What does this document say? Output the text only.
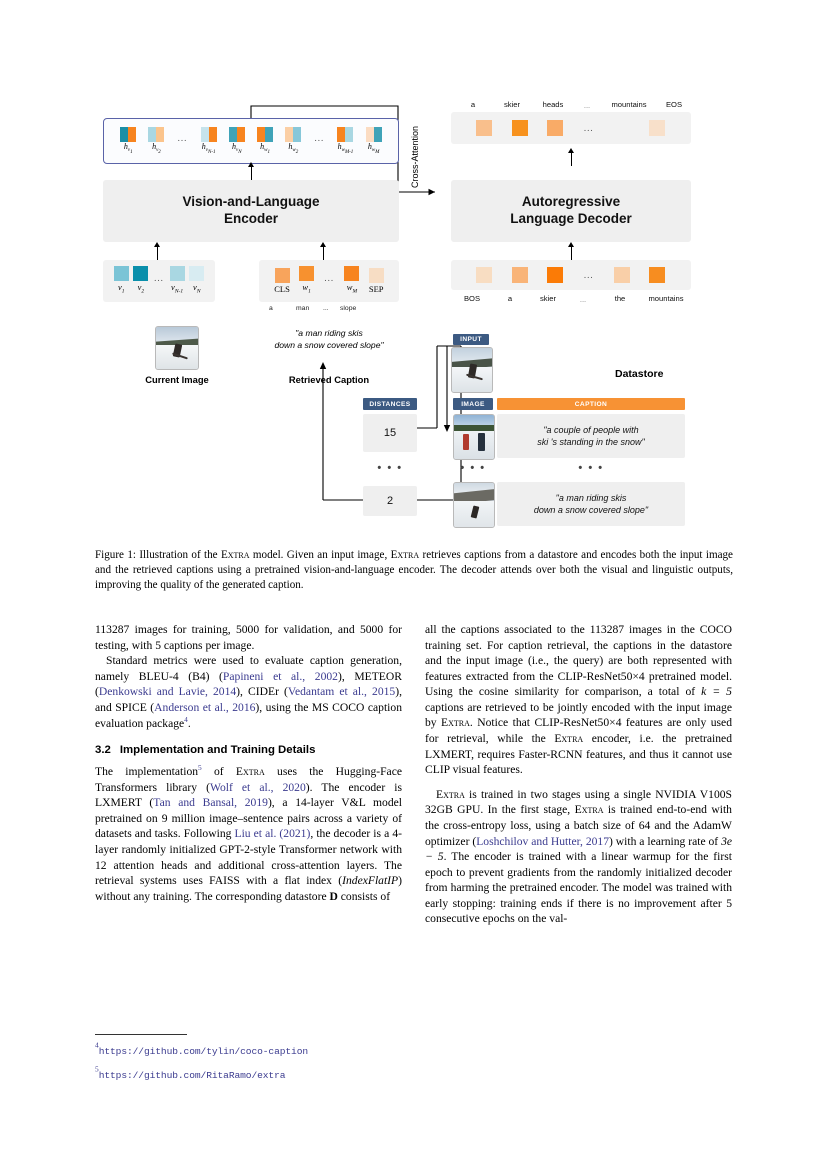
$h_{v_1}$
$h_{v_2}$
...
$h_{v_{N-1}}$
$h_{v_N}$
$h_{w_1}$
$h_{w_2}$
...
$h_{w_{M-1}}$
$h_{w_M}$
Vision-and-Language
Encoder
$v_1$ $v_2$
...
$v_{N-1}$ $v_N$	CLS $w_1$
...
$w_M$ SEP
a	man ... slope
Current Image
"a man riding skis
down a snow covered slope"
Retrieved Caption
Cross-Attention
a	skier	heads	...	mountains	EOS
...
Autoregressive
Language Decoder
...
BOS	a	skier	...	the	mountains
INPUT
Datastore
DISTANCES	IMAGE	CAPTION
15	"a couple of people with
ski 's standing in the snow"
• • •	• • •	• • •
2	"a man riding skis
down a snow covered slope"
Figure 1: Illustration of the Extra model. Given an input image, Extra retrieves captions from a datastore and encodes both the input image and the retrieved captions using a pretrained vision-and-language encoder. The decoder attends over both the visual and linguistic outputs, improving the quality of the generated caption.

113287 images for training, 5000 for validation, and 5000 for testing, with 5 captions per image.

Standard metrics were used to evaluate caption generation, namely BLEU-4 (B4) (Papineni et al., 2002), METEOR (Denkowski and Lavie, 2014), CIDEr (Vedantam et al., 2015), and SPICE (Anderson et al., 2016), using the MS COCO caption evaluation package$^4$.

3.2 Implementation and Training Details

The implementation$^5$ of Extra uses the Hugging-Face Transformers library (Wolf et al., 2020). The encoder is LXMERT (Tan and Bansal, 2019), a 14-layer V&L model pretrained on 9 million image–sentence pairs across a variety of datasets and tasks. Following Liu et al. (2021), the decoder is a 4-layer randomly initialized GPT-2-style Transformer network with 12 attention heads and additional cross-attention layers. The retrieval systems uses FAISS with a flat index (IndexFlatIP) without any training. The corresponding datastore D consists of

all the captions associated to the 113287 images in the COCO training set. For caption retrieval, the captions in the datastore and the input image (i.e., the query) are both represented with features extracted from the CLIP-ResNet50×4 pretrained model. Using the cosine similarity for comparison, a total of k = 5 captions are retrieved to be jointly encoded with the input image by Extra. Notice that CLIP-ResNet50×4 features are only used for retrieval, while the Extra encoder, i.e. the pretrained LXMERT, requires Faster-RCNN features, and thus it cannot use CLIP visual features.

Extra is trained in two stages using a single NVIDIA V100S 32GB GPU. In the first stage, Extra is trained end-to-end with the cross-entropy loss, using a batch size of 64 and the AdamW optimizer (Loshchilov and Hutter, 2017) with a learning rate of 3e − 5. The encoder is trained with a linear warmup for the first epoch to prevent gradients from the randomly initialized decoder from harming the pretrained encoder. The model was trained with early stopping: training ends if there is no improvement after 5 consecutive epochs on the val-

$^4$https://github.com/tylin/coco-caption
$^5$https://github.com/RitaRamo/extra
